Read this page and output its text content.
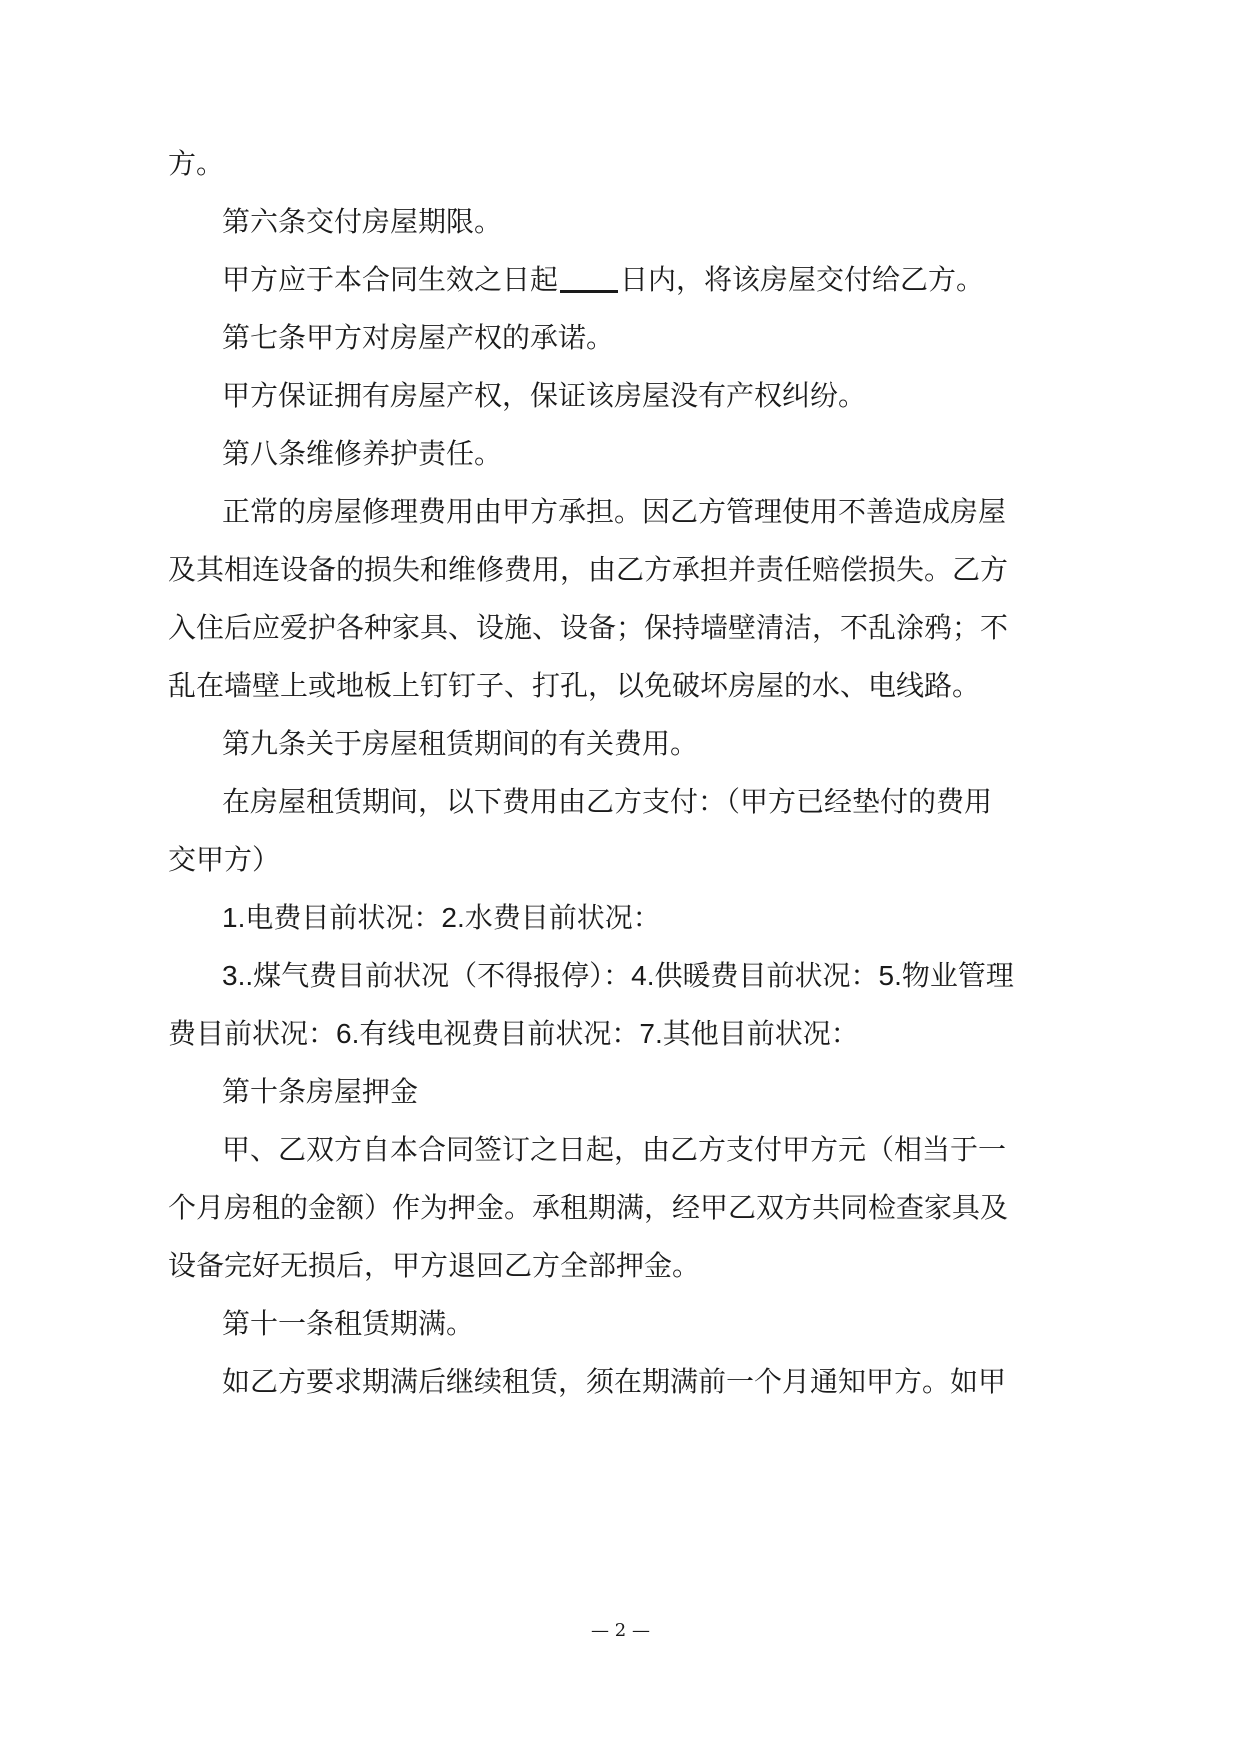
方。
第六条交付房屋期限。
甲方应于本合同生效之日起 日内，将该房屋交付给乙方。
第七条甲方对房屋产权的承诺。
甲方保证拥有房屋产权，保证该房屋没有产权纠纷。
第八条维修养护责任。
正常的房屋修理费用由甲方承担。因乙方管理使用不善造成房屋
及其相连设备的损失和维修费用，由乙方承担并责任赔偿损失。乙方
入住后应爱护各种家具、设施、设备；保持墙壁清洁，不乱涂鸦；不
乱在墙壁上或地板上钉钉子、打孔，以免破坏房屋的水、电线路。
第九条关于房屋租赁期间的有关费用。
在房屋租赁期间，以下费用由乙方支付：（甲方已经垫付的费用
交甲方）
1.电费目前状况：2.水费目前状况：
3..煤气费目前状况（不得报停）：4.供暖费目前状况：5.物业管理
费目前状况：6.有线电视费目前状况：7.其他目前状况：
第十条房屋押金
甲、乙双方自本合同签订之日起，由乙方支付甲方元（相当于一
个月房租的金额）作为押金。承租期满，经甲乙双方共同检查家具及
设备完好无损后，甲方退回乙方全部押金。
第十一条租赁期满。
如乙方要求期满后继续租赁，须在期满前一个月通知甲方。如甲
— 2 —
